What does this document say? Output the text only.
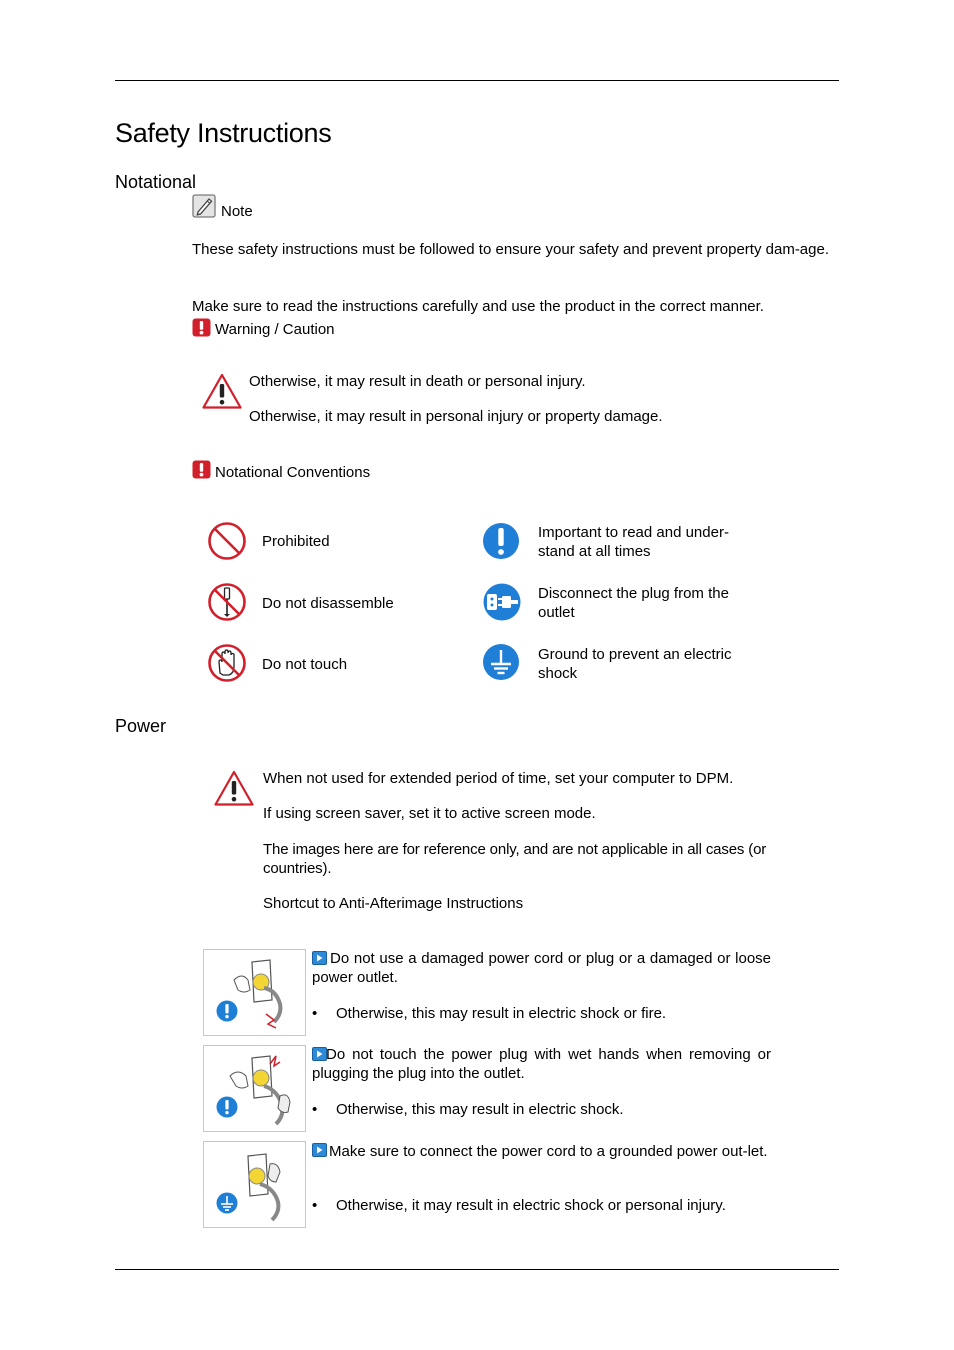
Safety Instructions
Notational
Note
These safety instructions must be followed to ensure your safety and prevent property dam-age.
Make sure to read the instructions carefully and use the product in the correct manner.
Warning / Caution
Otherwise, it may result in death or personal injury.
Otherwise, it may result in personal injury or property damage.
Notational Conventions
Prohibited
Important to read and under-stand at all times
Do not disassemble
Disconnect the plug from the outlet
Do not touch
Ground to prevent an electric shock
Power
When not used for extended period of time, set your computer to DPM.
If using screen saver, set it to active screen mode.
The images here are for reference only, and are not applicable in all cases (or countries).
Shortcut to Anti-Afterimage Instructions
Do not use a damaged power cord or plug or a damaged or loose power outlet.
• Otherwise, this may result in electric shock or fire.
Do not touch the power plug with wet hands when removing or plugging the plug into the outlet.
• Otherwise, this may result in electric shock.
Make sure to connect the power cord to a grounded power out-let.
• Otherwise, it may result in electric shock or personal injury.
